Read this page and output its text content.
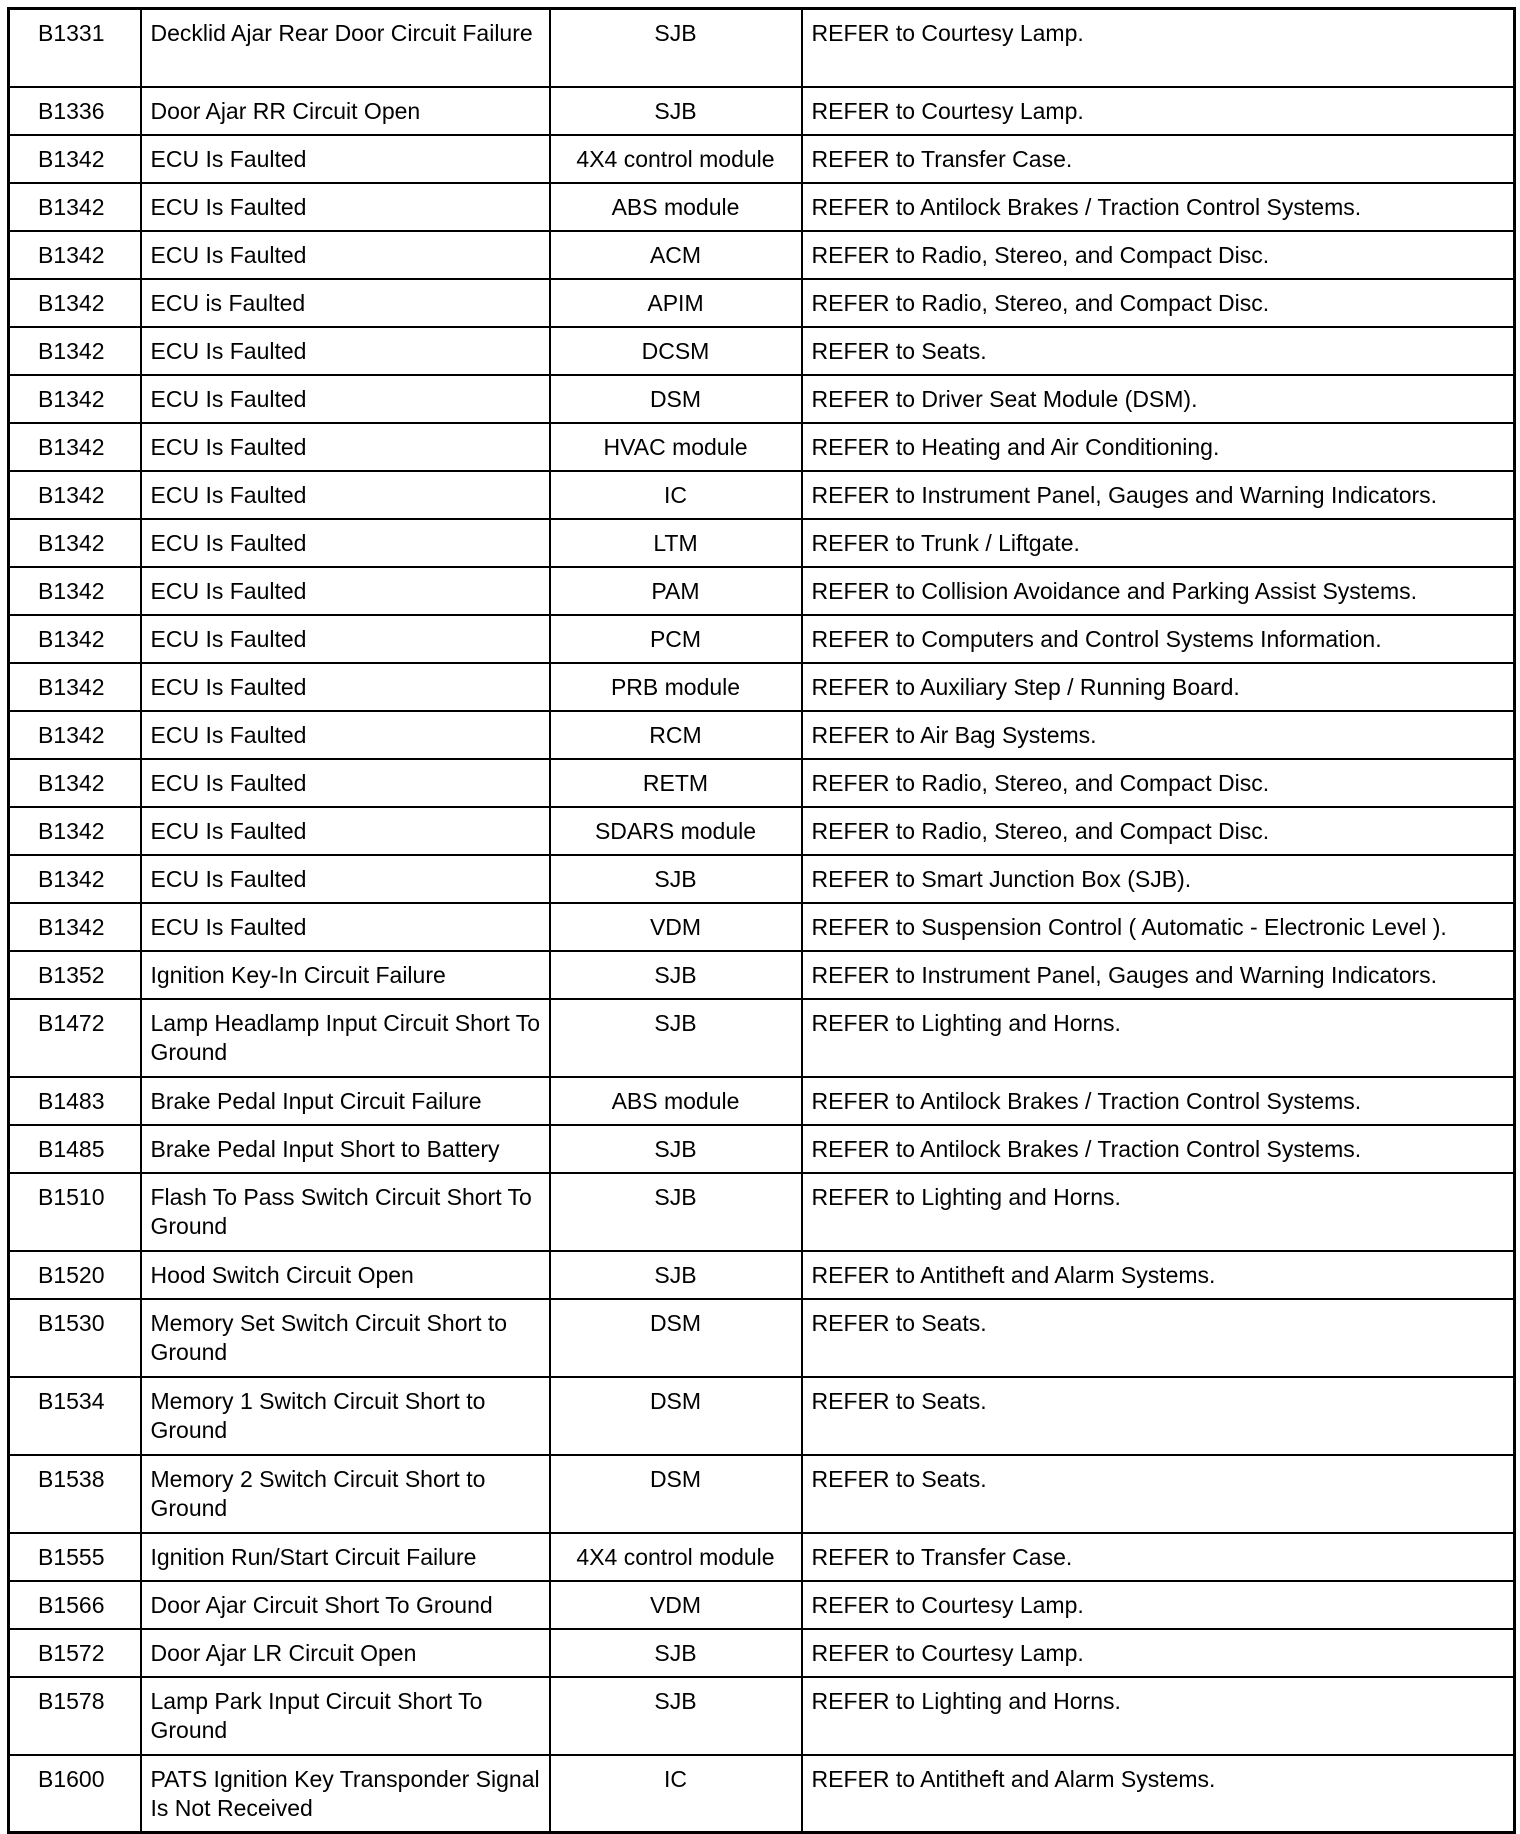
B1331	Decklid Ajar Rear Door Circuit Failure	SJB	REFER to Courtesy Lamp.
B1336	Door Ajar RR Circuit Open	SJB	REFER to Courtesy Lamp.
B1342	ECU Is Faulted	4X4 control module	REFER to Transfer Case.
B1342	ECU Is Faulted	ABS module	REFER to Antilock Brakes / Traction Control Systems.
B1342	ECU Is Faulted	ACM	REFER to Radio, Stereo, and Compact Disc.
B1342	ECU is Faulted	APIM	REFER to Radio, Stereo, and Compact Disc.
B1342	ECU Is Faulted	DCSM	REFER to Seats.
B1342	ECU Is Faulted	DSM	REFER to Driver Seat Module (DSM).
B1342	ECU Is Faulted	HVAC module	REFER to Heating and Air Conditioning.
B1342	ECU Is Faulted	IC	REFER to Instrument Panel, Gauges and Warning Indicators.
B1342	ECU Is Faulted	LTM	REFER to Trunk / Liftgate.
B1342	ECU Is Faulted	PAM	REFER to Collision Avoidance and Parking Assist Systems.
B1342	ECU Is Faulted	PCM	REFER to Computers and Control Systems Information.
B1342	ECU Is Faulted	PRB module	REFER to Auxiliary Step / Running Board.
B1342	ECU Is Faulted	RCM	REFER to Air Bag Systems.
B1342	ECU Is Faulted	RETM	REFER to Radio, Stereo, and Compact Disc.
B1342	ECU Is Faulted	SDARS module	REFER to Radio, Stereo, and Compact Disc.
B1342	ECU Is Faulted	SJB	REFER to Smart Junction Box (SJB).
B1342	ECU Is Faulted	VDM	REFER to Suspension Control ( Automatic - Electronic Level ).
B1352	Ignition Key-In Circuit Failure	SJB	REFER to Instrument Panel, Gauges and Warning Indicators.
B1472	Lamp Headlamp Input Circuit Short To Ground	SJB	REFER to Lighting and Horns.
B1483	Brake Pedal Input Circuit Failure	ABS module	REFER to Antilock Brakes / Traction Control Systems.
B1485	Brake Pedal Input Short to Battery	SJB	REFER to Antilock Brakes / Traction Control Systems.
B1510	Flash To Pass Switch Circuit Short To Ground	SJB	REFER to Lighting and Horns.
B1520	Hood Switch Circuit Open	SJB	REFER to Antitheft and Alarm Systems.
B1530	Memory Set Switch Circuit Short to Ground	DSM	REFER to Seats.
B1534	Memory 1 Switch Circuit Short to Ground	DSM	REFER to Seats.
B1538	Memory 2 Switch Circuit Short to Ground	DSM	REFER to Seats.
B1555	Ignition Run/Start Circuit Failure	4X4 control module	REFER to Transfer Case.
B1566	Door Ajar Circuit Short To Ground	VDM	REFER to Courtesy Lamp.
B1572	Door Ajar LR Circuit Open	SJB	REFER to Courtesy Lamp.
B1578	Lamp Park Input Circuit Short To Ground	SJB	REFER to Lighting and Horns.
B1600	PATS Ignition Key Transponder Signal Is Not Received	IC	REFER to Antitheft and Alarm Systems.
